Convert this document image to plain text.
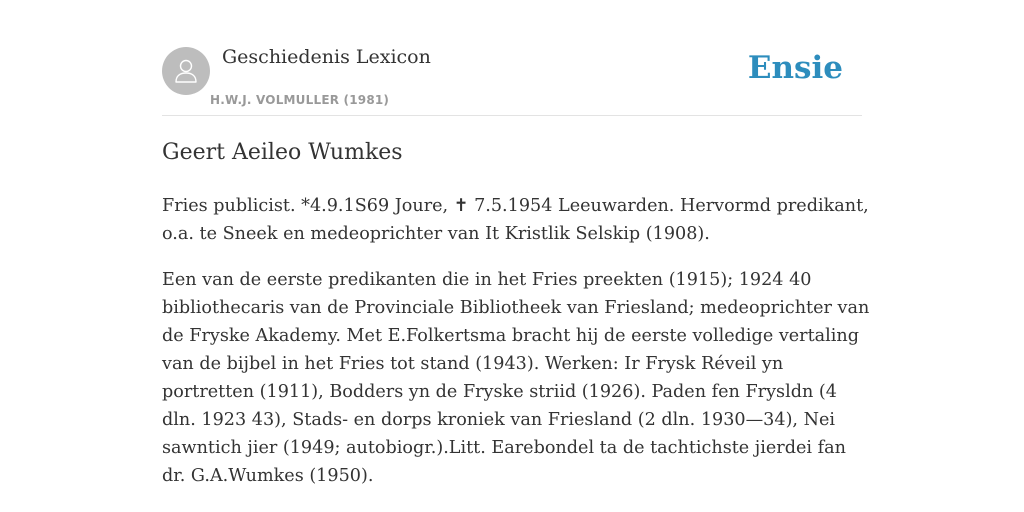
Geschiedenis Lexicon
H.W.J. VOLMULLER (1981)
Ensie
Geert Aeileo Wumkes

Fries publicist. *4.9.1S69 Joure, ✝ 7.5.1954 Leeuwarden. Hervormd predikant, o.a. te Sneek en medeoprichter van It Kristlik Selskip (1908).

Een van de eerste predikanten die in het Fries preekten (1915); 1924 40 bibliothecaris van de Provinciale Bibliotheek van Friesland; medeoprichter van de Fryske Akademy. Met E.Folkertsma bracht hij de eerste volledige vertaling van de bijbel in het Fries tot stand (1943). Werken: Ir Frysk Réveil yn portretten (1911), Bodders yn de Fryske striid (1926). Paden fen Frysldn (4 dln. 1923 43), Stads- en dorps kroniek van Friesland (2 dln. 1930—34), Nei sawntich jier (1949; autobiogr.).Litt. Earebondel ta de tachtichste jierdei fan dr. G.A.Wumkes (1950).
